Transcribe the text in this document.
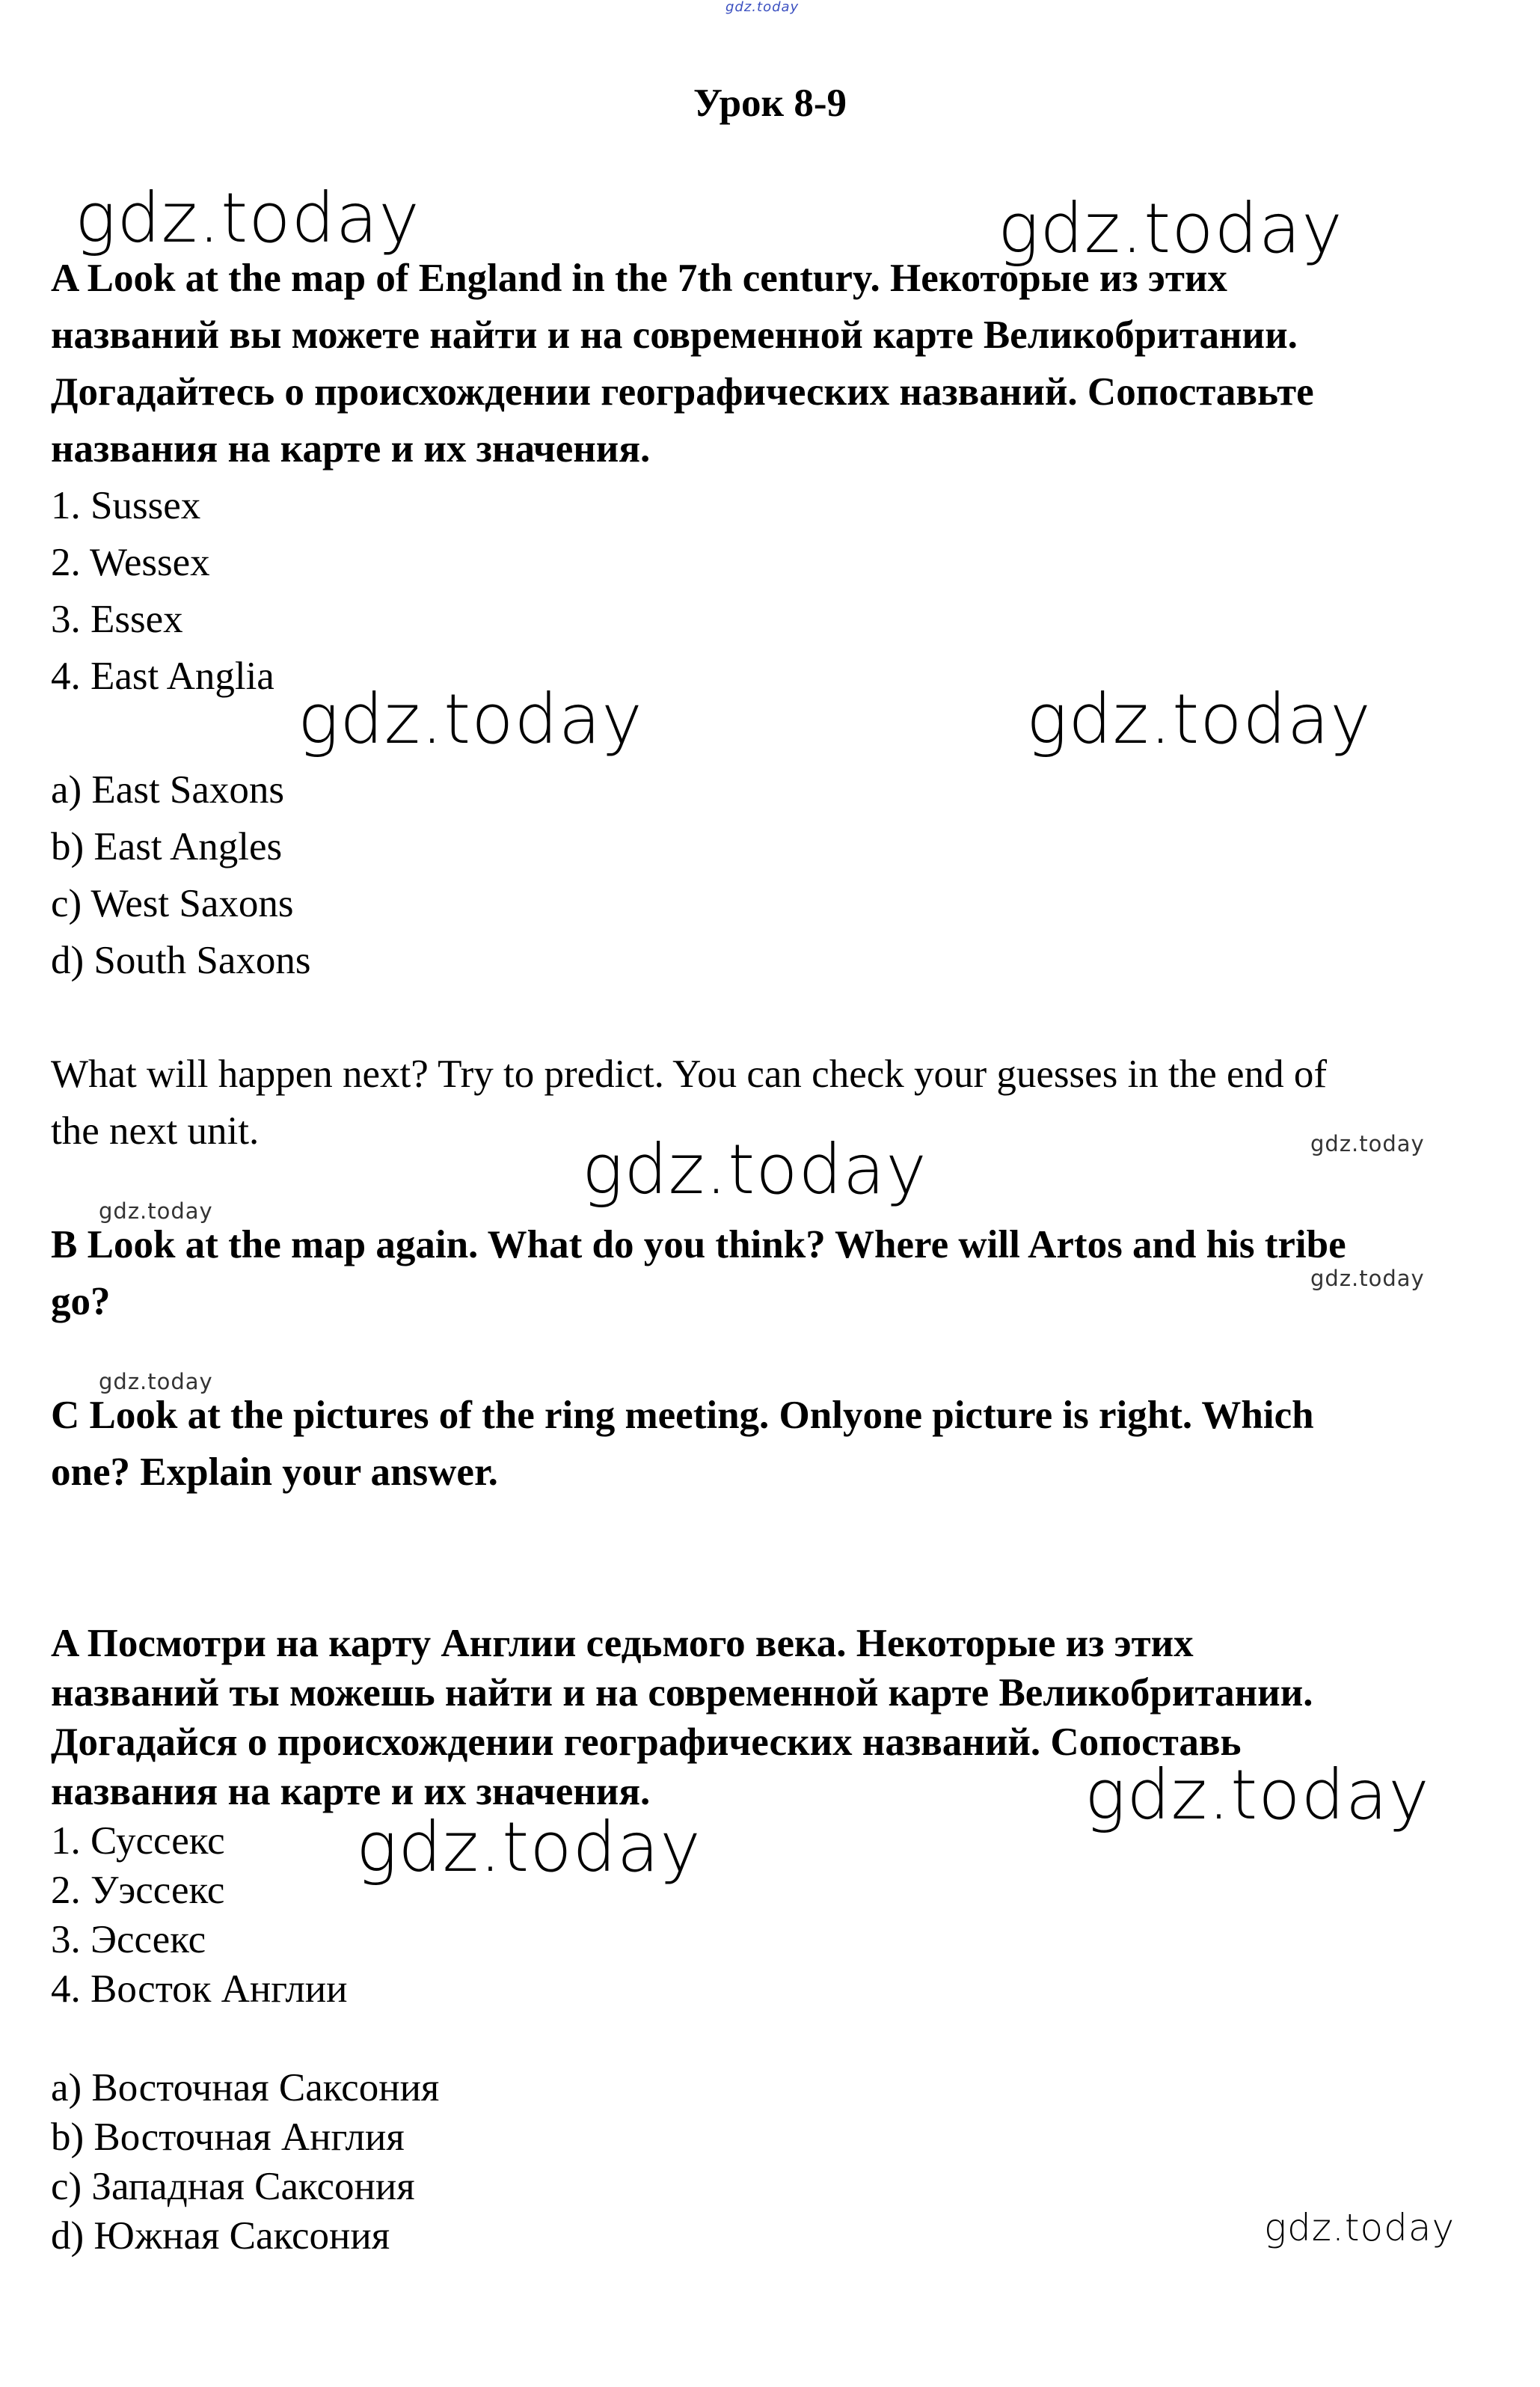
gdz.today
Урок 8-9
A Look at the map of England in the 7th century. Некоторые из этих
названий вы можете найти и на современной карте Великобритании.
Догадайтесь о происхождении географических названий. Сопоставьте
названия на карте и их значения.
1. Sussex
2. Wessex
3. Essex
4. East Anglia
a) East Saxons
b) East Angles
c) West Saxons
d) South Saxons
What will happen next? Try to predict. You can check your guesses in the end of
the next unit.
B Look at the map again. What do you think? Where will Artos and his tribe
go?
C Look at the pictures of the ring meeting. Onlyone picture is right. Which
one? Explain your answer.
A Посмотри на карту Англии седьмого века. Некоторые из этих
названий ты можешь найти и на современной карте Великобритании.
Догадайся о происхождении географических названий. Сопоставь
названия на карте и их значения.
1. Суссекс
2. Уэссекс
3. Эссекс
4. Восток Англии
a) Восточная Саксония
b) Восточная Англия
c) Западная Саксония
d) Южная Саксония
gdz.today	gdz.today
gdz.today	gdz.today
gdz.today
gdz.today
gdz.today
gdz.today
gdz.today
gdz.today
gdz.today
gdz.today
